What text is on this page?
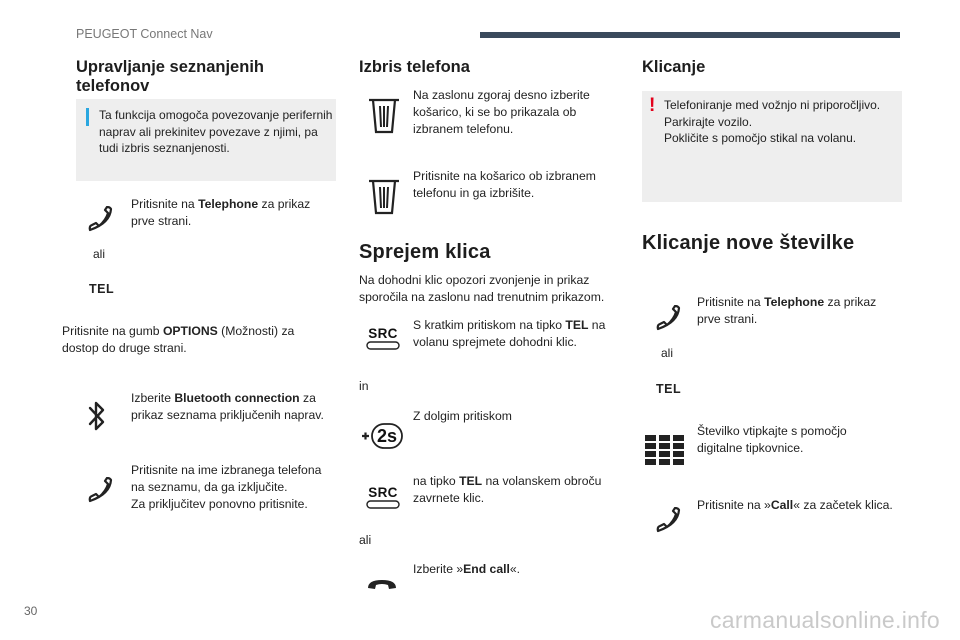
PEUGEOT Connect Nav
Upravljanje seznanjenih telefonov
Ta funkcija omogoča povezovanje perifernih naprav ali prekinitev povezave z njimi, pa tudi izbris seznanjenosti.
Pritisnite na Telephone za prikaz prve strani.
ali
TEL
Pritisnite na gumb OPTIONS (Možnosti) za dostop do druge strani.
Izberite Bluetooth connection za prikaz seznama priključenih naprav.
Pritisnite na ime izbranega telefona na seznamu, da ga izključite.
Za priključitev ponovno pritisnite.
Izbris telefona
Na zaslonu zgoraj desno izberite košarico, ki se bo prikazala ob izbranem telefonu.
Pritisnite na košarico ob izbranem telefonu in ga izbrišite.
Sprejem klica
Na dohodni klic opozori zvonjenje in prikaz sporočila na zaslonu nad trenutnim prikazom.
SRC
S kratkim pritiskom na tipko TEL na volanu sprejmete dohodni klic.
in
2s
Z dolgim pritiskom
SRC
na tipko TEL na volanskem obroču zavrnete klic.
ali
Izberite »End call«.
Klicanje
! Telefoniranje med vožnjo ni priporočljivo.
Parkirajte vozilo.
Pokličite s pomočjo stikal na volanu.
Klicanje nove številke
Pritisnite na Telephone za prikaz prve strani.
ali
TEL
Številko vtipkajte s pomočjo digitalne tipkovnice.
Pritisnite na »Call« za začetek klica.
30	carmanualsonline.info
